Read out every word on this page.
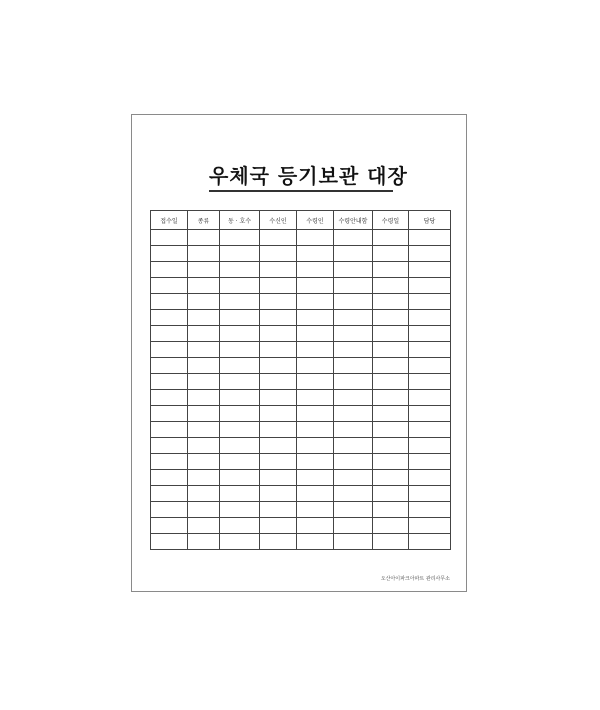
우체국 등기보관 대장
접수일	종류	동 · 호수	수신인	수령인	수령안내함	수령일	담당

오산아이파크아파트 관리사무소
